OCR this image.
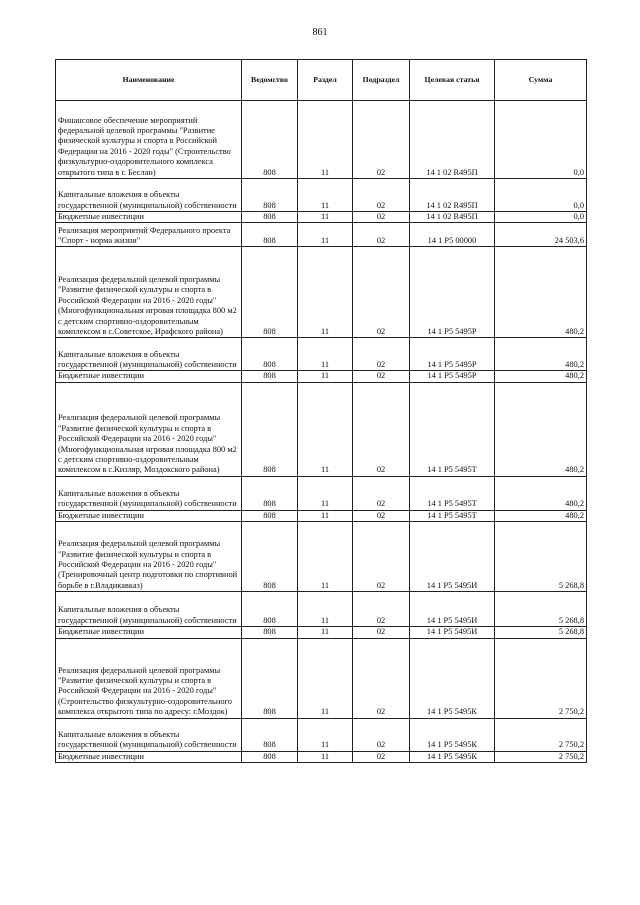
861
Наименование	Ведомство	Раздел	Подраздел	Целевая статья	Сумма
Финансовое обеспечение мероприятий федеральной целевой программы "Развитие физической культуры и спорта в Российской Федерации на 2016 - 2020 годы" (Строительство физкультурно-оздоровительного комплекса открытого типа в г. Беслан)	808	11	02	14 1 02 R495П	0,0
Капитальные вложения в объекты государственной (муниципальной) собственности	808	11	02	14 1 02 R495П	0,0
Бюджетные инвестиции	808	11	02	14 1 02 R495П	0,0
Реализация мероприятий Федерального проекта "Спорт - норма жизни"	808	11	02	14 1 P5 00000	24 503,6
Реализация федеральной целевой программы "Развитие физической культуры и спорта в Российской Федерации на 2016 - 2020 годы"(Многофункциональная игровая площадка 800 м2 с детским спортивно-оздоровительным комплексом в с.Советское, Ирафского района)	808	11	02	14 1 P5 5495P	480,2
Капитальные вложения в объекты государственной (муниципальной) собственности	808	11	02	14 1 P5 5495P	480,2
Бюджетные инвестиции	808	11	02	14 1 P5 5495P	480,2
Реализация федеральной целевой программы "Развитие физической культуры и спорта в Российской Федерации на 2016 - 2020 годы"(Многофункциональная игровая площадка 800 м2 с детским спортивно-оздоровительным комплексом в с.Кизляр, Моздокского района)	808	11	02	14 1 P5 5495T	480,2
Капитальные вложения в объекты государственной (муниципальной) собственности	808	11	02	14 1 P5 5495T	480,2
Бюджетные инвестиции	808	11	02	14 1 P5 5495T	480,2
Реализация федеральной целевой программы "Развитие физической культуры и спорта в Российской Федерации на 2016 - 2020 годы"(Тренировочный центр подготовки по спортивной борьбе в г.Владикавказ)	808	11	02	14 1 P5 5495И	5 268,8
Капитальные вложения в объекты государственной (муниципальной) собственности	808	11	02	14 1 P5 5495И	5 268,8
Бюджетные инвестиции	808	11	02	14 1 P5 5495И	5 268,8
Реализация федеральной целевой программы "Развитие физической культуры и спорта в Российской Федерации на 2016 - 2020 годы" (Строительство физкультурно-оздоровительного комплекса открытого типа по адресу: г.Моздок)	808	11	02	14 1 P5 5495К	2 750,2
Капитальные вложения в объекты государственной (муниципальной) собственности	808	11	02	14 1 P5 5495К	2 750,2
Бюджетные инвестиции	808	11	02	14 1 P5 5495К	2 750,2
